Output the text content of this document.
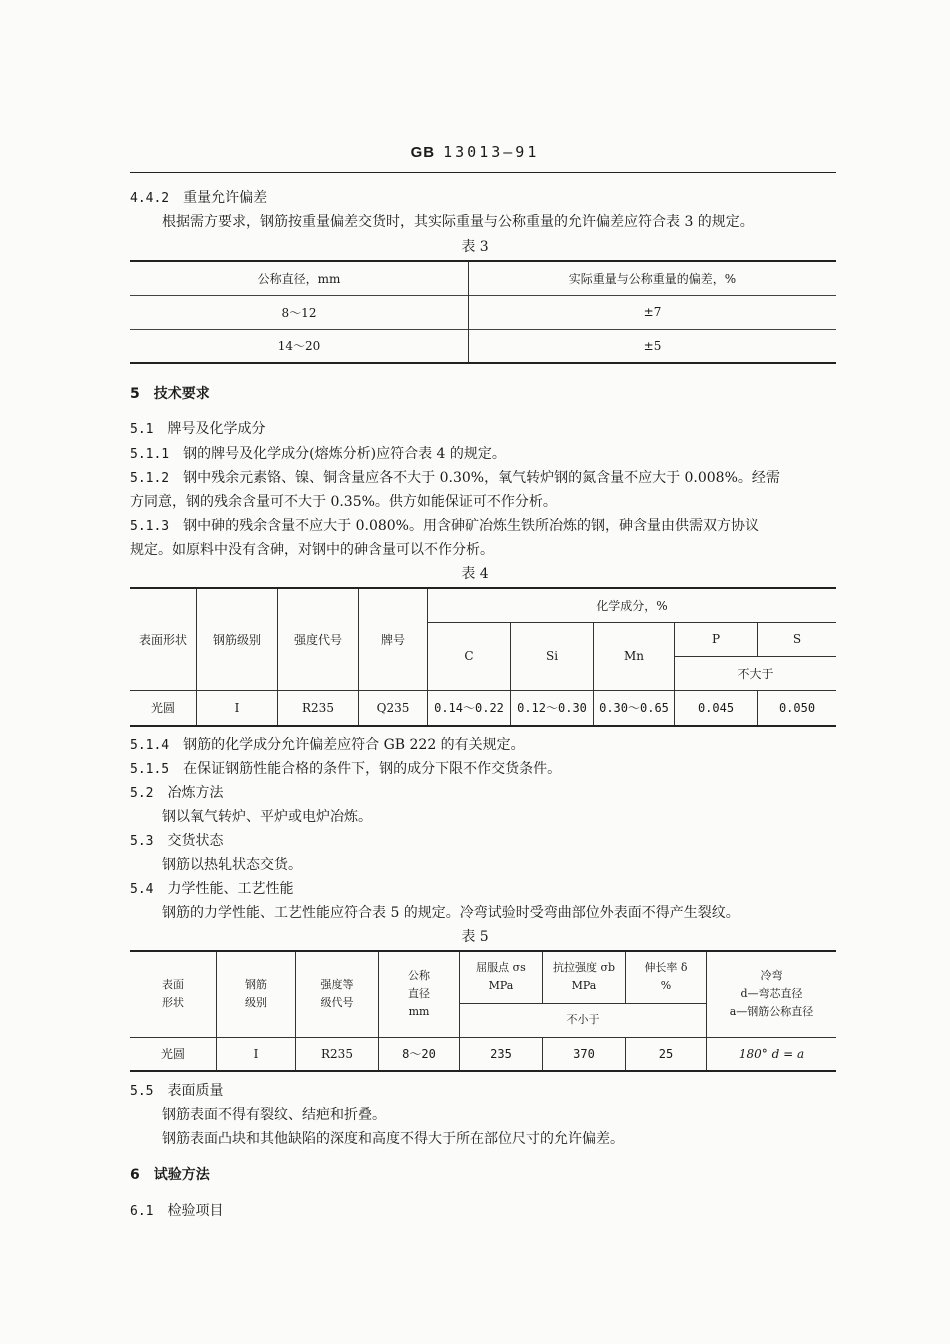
GB 13013—91
4.4.2 重量允许偏差
根据需方要求，钢筋按重量偏差交货时，其实际重量与公称重量的允许偏差应符合表 3 的规定。
表 3
公称直径，mm	实际重量与公称重量的偏差，%
8～12	±7
14～20	±5
5 技术要求
5.1 牌号及化学成分
5.1.1 钢的牌号及化学成分(熔炼分析)应符合表 4 的规定。
5.1.2 钢中残余元素铬、镍、铜含量应各不大于 0.30%，氧气转炉钢的氮含量不应大于 0.008%。经需
方同意，钢的残余含量可不大于 0.35%。供方如能保证可不作分析。
5.1.3 钢中砷的残余含量不应大于 0.080%。用含砷矿冶炼生铁所冶炼的钢，砷含量由供需双方协议
规定。如原料中没有含砷，对钢中的砷含量可以不作分析。
表 4
表面形状	钢筋级别	强度代号	牌号	化学成分，%				
				C	Si	Mn	P	S
							不大于	
光圆	I	R235	Q235	0.14～0.22	0.12～0.30	0.30～0.65	0.045	0.050
5.1.4 钢筋的化学成分允许偏差应符合 GB 222 的有关规定。
5.1.5 在保证钢筋性能合格的条件下，钢的成分下限不作交货条件。
5.2 冶炼方法
钢以氧气转炉、平炉或电炉冶炼。
5.3 交货状态
钢筋以热轧状态交货。
5.4 力学性能、工艺性能
钢筋的力学性能、工艺性能应符合表 5 的规定。冷弯试验时受弯曲部位外表面不得产生裂纹。
表 5
表面
形状	钢筋
级别	强度等
级代号	公称
直径
mm	屈服点 σs
MPa	抗拉强度 σb
MPa	伸长率 δ
%	冷弯
d—弯芯直径
a—钢筋公称直径
				不小于			
光圆	I	R235	8～20	235	370	25	180° d = a
5.5 表面质量
钢筋表面不得有裂纹、结疤和折叠。
钢筋表面凸块和其他缺陷的深度和高度不得大于所在部位尺寸的允许偏差。
6 试验方法
6.1 检验项目
